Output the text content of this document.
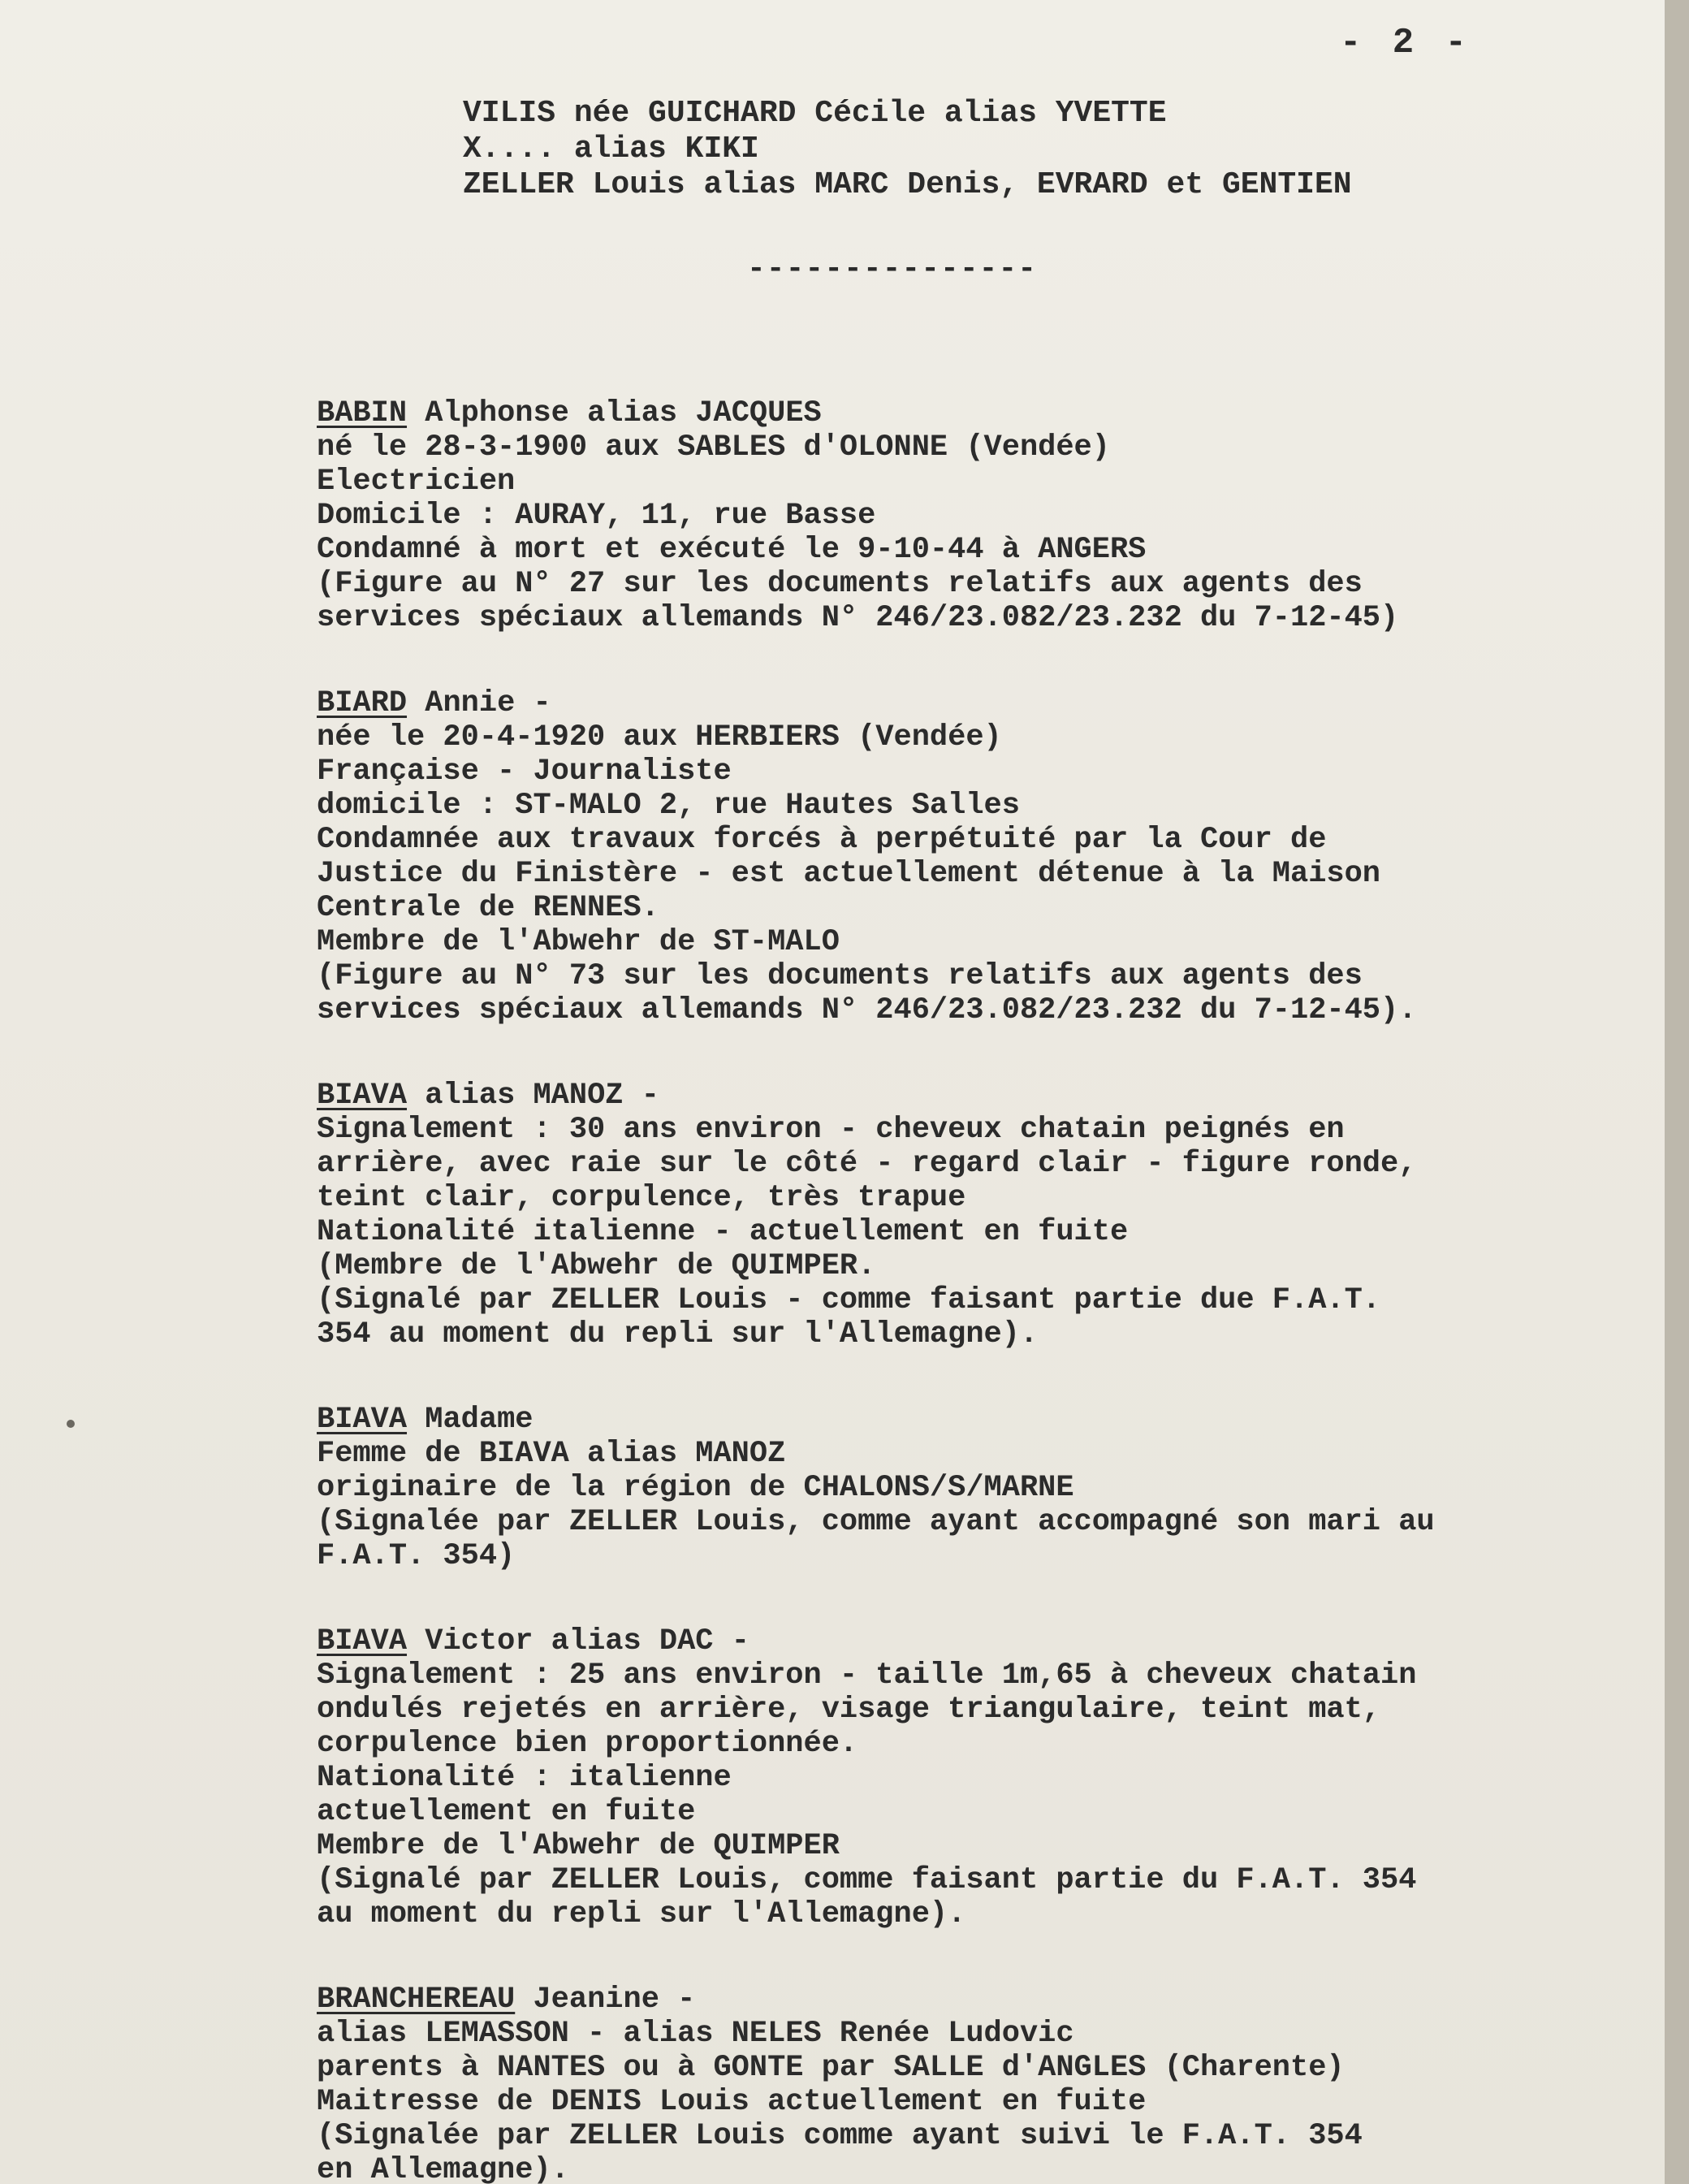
- 2 -

VILIS née GUICHARD Cécile alias YVETTE

X.... alias KIKI

ZELLER Louis alias MARC Denis, EVRARD et GENTIEN

---------------

BABIN Alphonse alias JACQUES

né le 28-3-1900 aux SABLES d'OLONNE (Vendée)

Electricien

Domicile : AURAY, 11, rue Basse

Condamné à mort et exécuté le 9-10-44 à ANGERS

(Figure au N° 27 sur les documents relatifs aux agents des

services spéciaux allemands N° 246/23.082/23.232 du 7-12-45)

BIARD Annie -

née le 20-4-1920 aux HERBIERS (Vendée)

Française - Journaliste

domicile : ST-MALO 2, rue Hautes Salles

Condamnée aux travaux forcés à perpétuité par la Cour de

Justice du Finistère - est actuellement détenue à la Maison

Centrale de RENNES.

Membre de l'Abwehr de ST-MALO

(Figure au N° 73 sur les documents relatifs aux agents des

services spéciaux allemands N° 246/23.082/23.232 du 7-12-45).

BIAVA alias MANOZ -

Signalement : 30 ans environ - cheveux chatain peignés en

arrière, avec raie sur le côté - regard clair - figure ronde,

teint clair, corpulence, très trapue

Nationalité italienne - actuellement en fuite

(Membre de l'Abwehr de QUIMPER.

(Signalé par ZELLER Louis - comme faisant partie due F.A.T.

354 au moment du repli sur l'Allemagne).

BIAVA Madame

Femme de BIAVA alias MANOZ

originaire de la région de CHALONS/S/MARNE

(Signalée par ZELLER Louis, comme ayant accompagné son mari au

F.A.T. 354)

BIAVA Victor alias DAC -

Signalement : 25 ans environ - taille 1m,65 à cheveux chatain

ondulés rejetés en arrière, visage triangulaire, teint mat,

corpulence bien proportionnée.

Nationalité : italienne

actuellement en fuite

Membre de l'Abwehr de QUIMPER

(Signalé par ZELLER Louis, comme faisant partie du F.A.T. 354

au moment du repli sur l'Allemagne).

BRANCHEREAU Jeanine -

alias LEMASSON - alias NELES Renée Ludovic

parents à NANTES ou à GONTE par SALLE d'ANGLES (Charente)

Maitresse de DENIS Louis actuellement en fuite

(Signalée par ZELLER Louis comme ayant suivi le F.A.T. 354

en Allemagne).
